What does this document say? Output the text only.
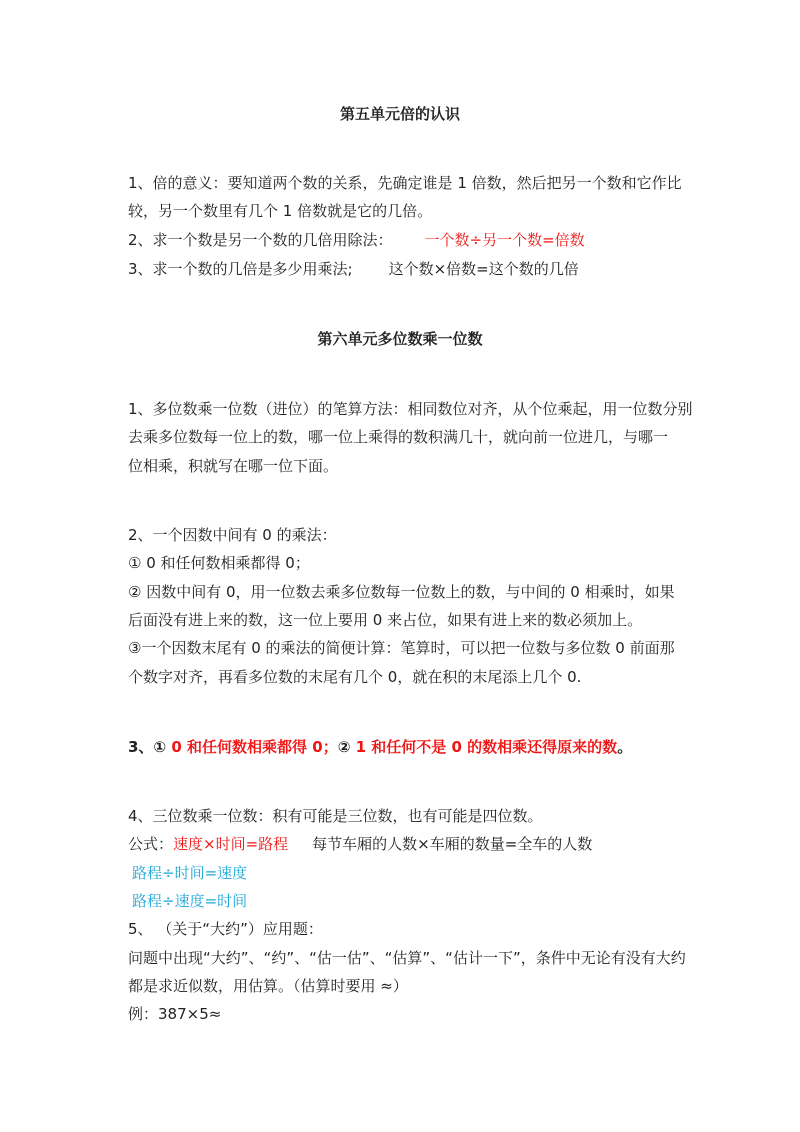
第五单元倍的认识
1、倍的意义：要知道两个数的关系，先确定谁是 1 倍数，然后把另一个数和它作比
较，另一个数里有几个 1 倍数就是它的几倍。
2、求一个数是另一个数的几倍用除法： 一个数÷另一个数=倍数
3、求一个数的几倍是多少用乘法; 这个数×倍数=这个数的几倍
第六单元多位数乘一位数
1、多位数乘一位数（进位）的笔算方法：相同数位对齐，从个位乘起，用一位数分别
去乘多位数每一位上的数，哪一位上乘得的数积满几十，就向前一位进几，与哪一
位相乘，积就写在哪一位下面。
2、一个因数中间有 0 的乘法：
① 0 和任何数相乘都得 0；
② 因数中间有 0，用一位数去乘多位数每一位数上的数，与中间的 0 相乘时，如果
后面没有进上来的数，这一位上要用 0 来占位，如果有进上来的数必须加上。
③一个因数末尾有 0 的乘法的简便计算：笔算时，可以把一位数与多位数 0 前面那
个数字对齐，再看多位数的末尾有几个 0，就在积的末尾添上几个 0.
3、① 0 和任何数相乘都得 0；② 1 和任何不是 0 的数相乘还得原来的数。
4、三位数乘一位数：积有可能是三位数，也有可能是四位数。
公式：速度×时间=路程 每节车厢的人数×车厢的数量=全车的人数
路程÷时间=速度
路程÷速度=时间
5、 （关于“大约”）应用题：
问题中出现“大约”、“约”、“估一估”、“估算”、“估计一下”，条件中无论有没有大约
都是求近似数，用估算。（估算时要用 ≈）
例：387×5≈
